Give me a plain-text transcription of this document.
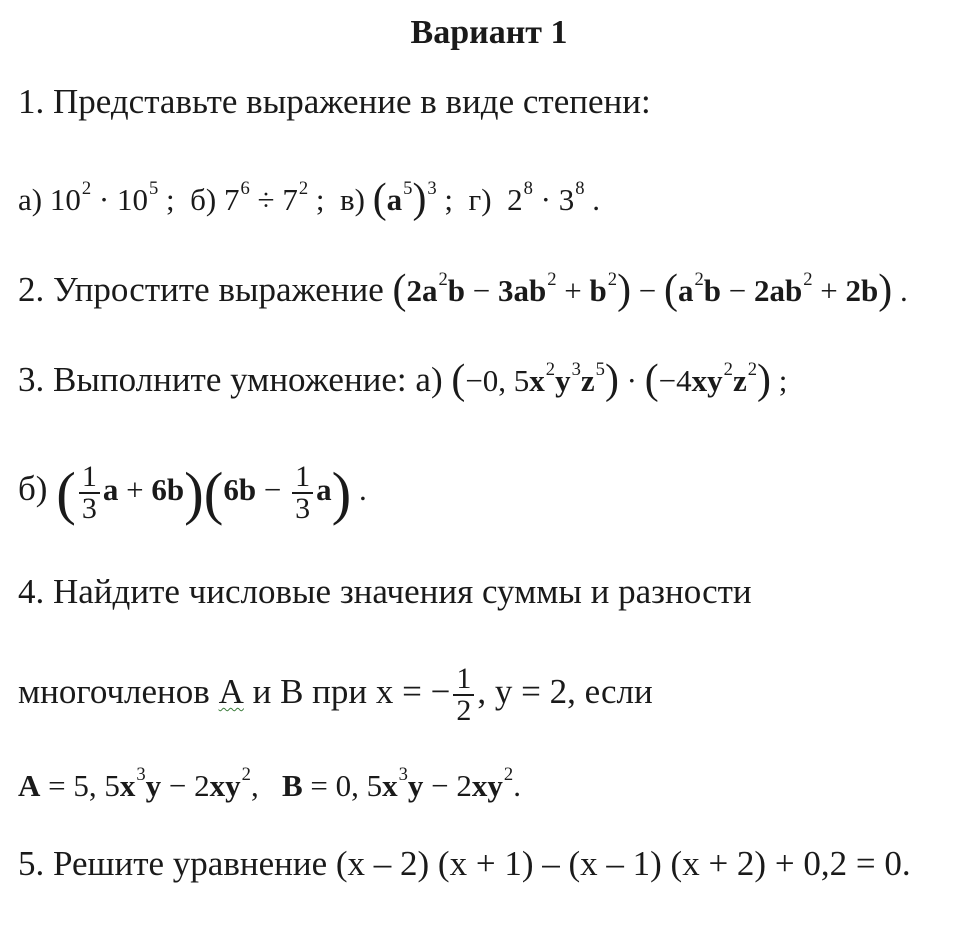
Вариант 1
1. Представьте выражение в виде степени:
а) $10^2 \cdot 10^5$ ; б) $7^6 \div 7^2$ ; в) $(a^5)^3$ ; г) $2^8 \cdot 3^8$ .
2. Упростите выражение $(2a^2b - 3ab^2 + b^2) - (a^2b - 2ab^2 + 2b)$ .
3. Выполните умножение: а) (−0, $5x^2y^3z^5) \cdot (-4xy^2z^2)$ ;
б) ( $\frac{1}{3}$ $a + 6b)(6b - \frac{1}{3} a)$ .
4. Найдите числовые значения суммы и разности
многочленов А и В при x = − $\frac{1}{2}$ , у = 2, если
A = 5, $5x^3y - 2xy^2$, B = 0, $5x^3y - 2xy^2$.
5. Решите уравнение (х – 2) (х + 1) – (х – 1) (х + 2) + 0,2 = 0.
